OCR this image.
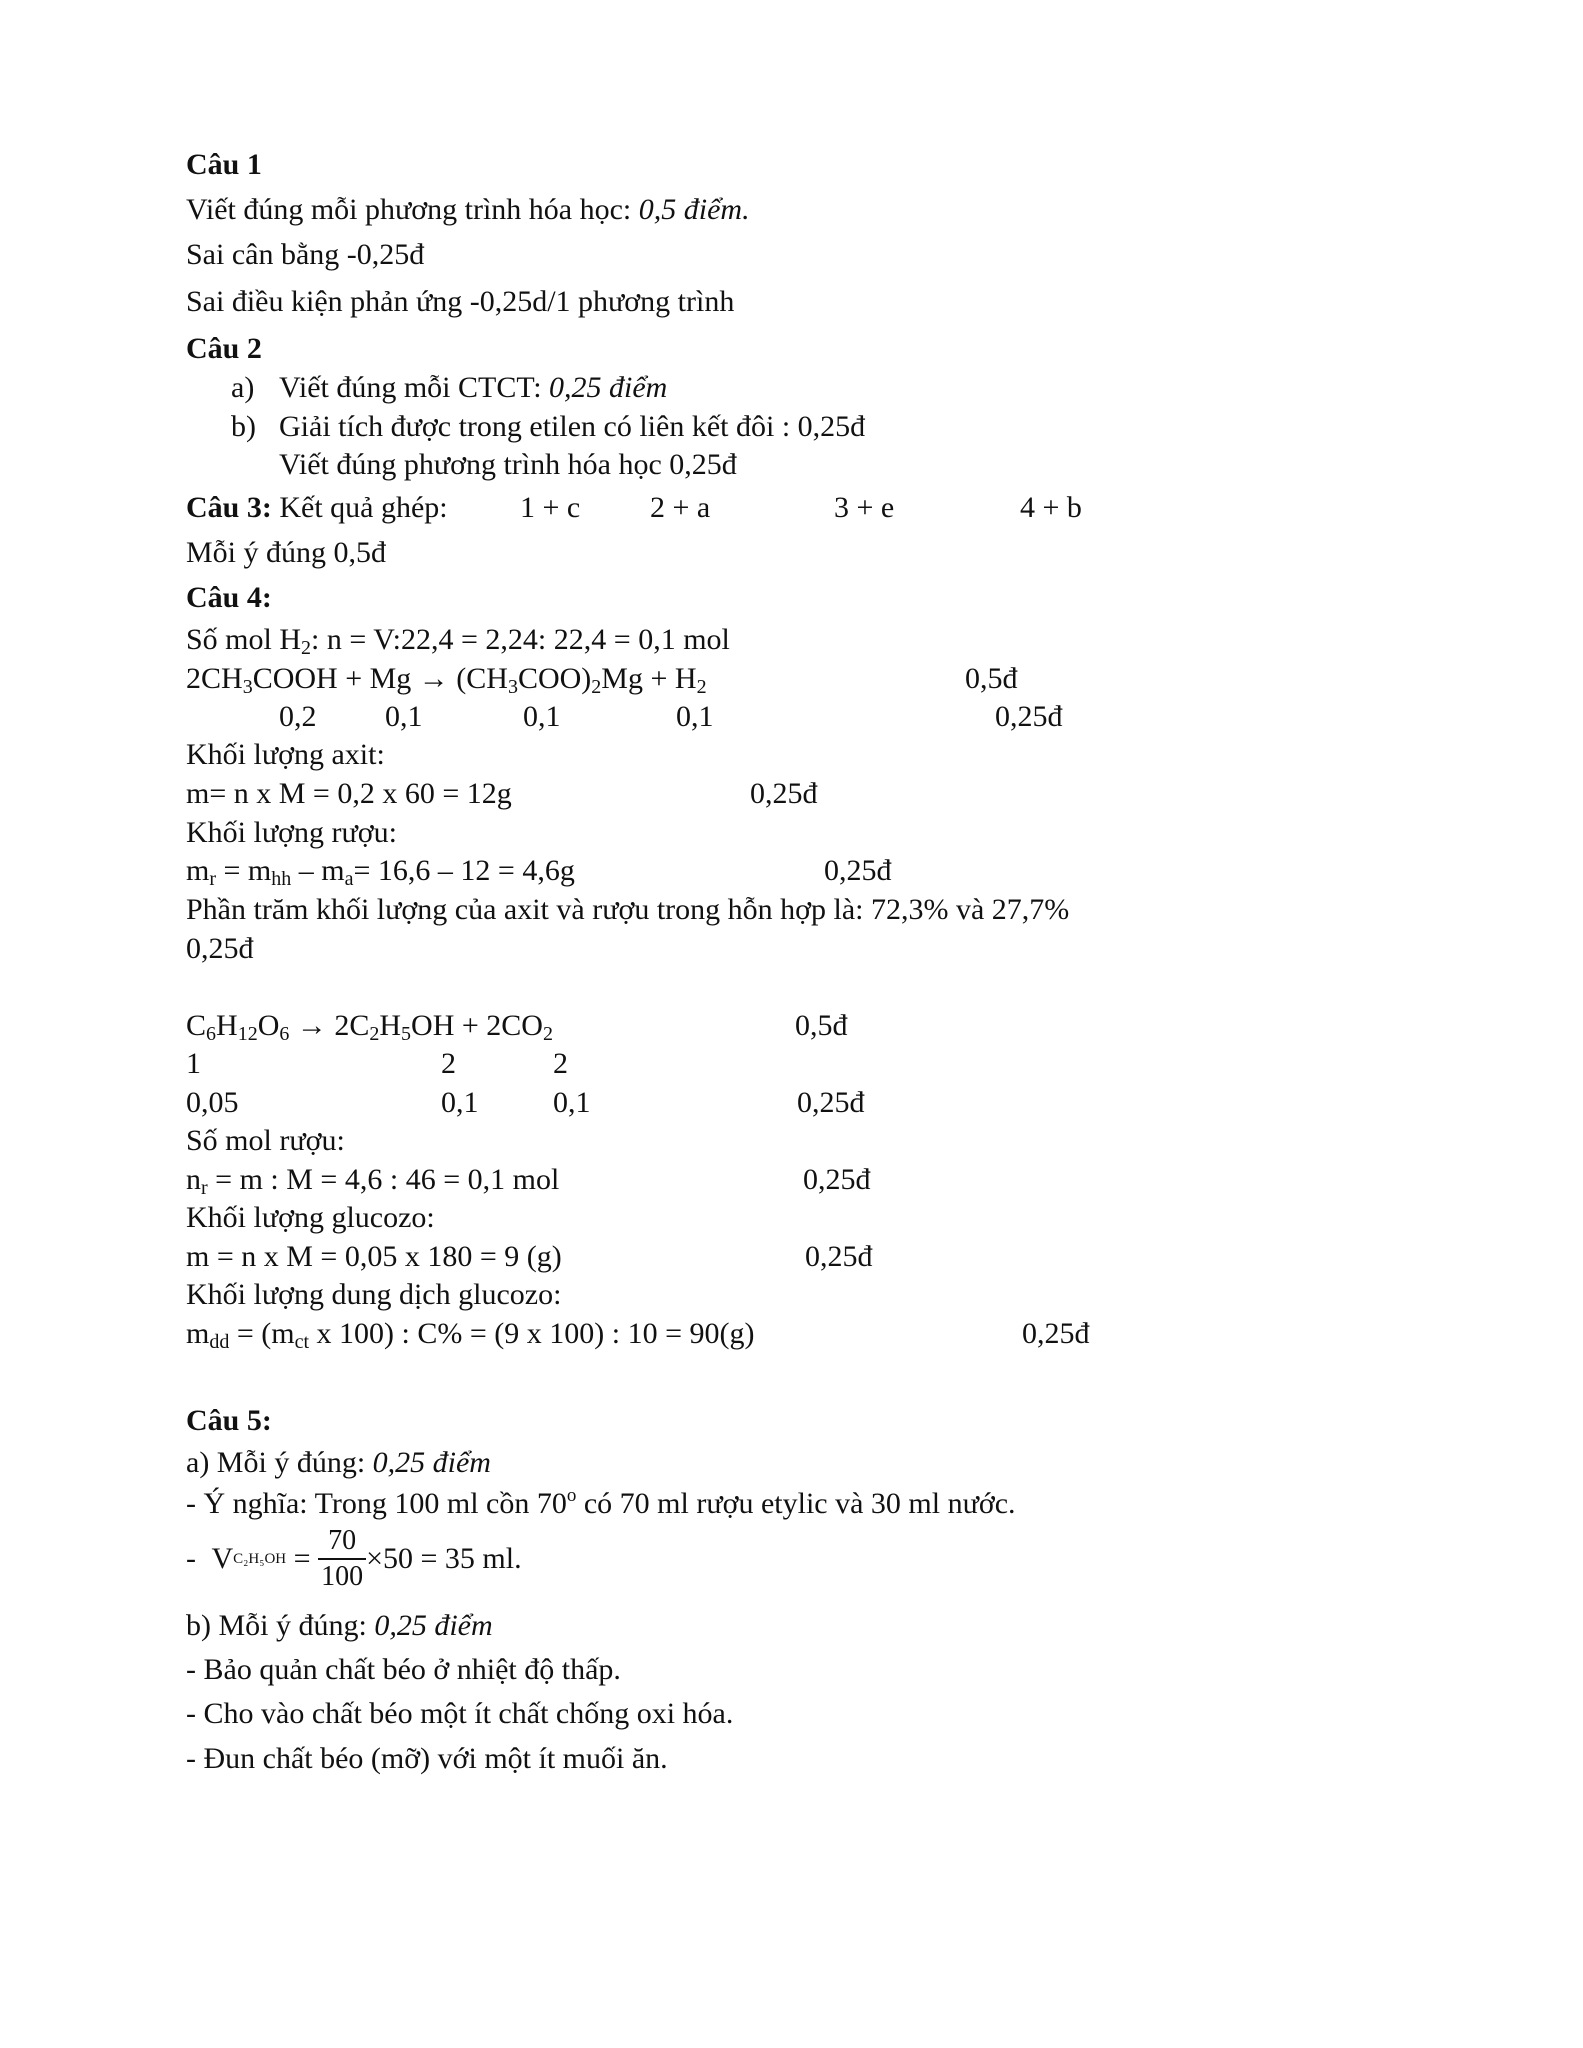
Câu 1
Viết đúng mỗi phương trình hóa học: 0,5 điểm.
Sai cân bằng -0,25đ
Sai điều kiện phản ứng -0,25d/1 phương trình
Câu 2
a) Viết đúng mỗi CTCT: 0,25 điểm
b) Giải tích được trong etilen có liên kết đôi : 0,25đ
Viết đúng phương trình hóa học 0,25đ
Câu 3: Kết quả ghép: 1 + c 2 + a	3 + e	4 + b
Mỗi ý đúng 0,5đ
Câu 4:
Số mol $H_2$: n = V:22,4 = 2,24: 22,4 = 0,1 mol
$2CH_3COOH + Mg \to (CH_3COO)_2Mg + H_2$	0,5đ
0,2 0,1	0,1	0,1	0,25đ
Khối lượng axit:
m= n x M = 0,2 x 60 = 12g	0,25đ
Khối lượng rượu:
$m_r = m_{hh} - m_a= 16,6 - 12 = 4,6g$	0,25đ
Phần trăm khối lượng của axit và rượu trong hỗn hợp là: 72,3% và 27,7%
0,25đ
$C_6H_{12}O_6 \to 2C_2H_5OH + 2CO_2$	0,5đ
1	2	2
0,05	0,1 0,1	0,25đ
Số mol rượu:
$n_r = m$ : M = 4,6 : 46 = 0,1 mol	0,25đ
Khối lượng glucozo:
m = n x M = 0,05 x 180 = 9 (g)	0,25đ
Khối lượng dung dịch glucozo:
$m_{dd} = (m_{ct}$ x 100) : C% = (9 x 100) : 10 = 90(g)	0,25đ
Câu 5:
a) Mỗi ý đúng: 0,25 điểm
- Ý nghĩa: Trong 100 ml cồn 70$^o$ có 70 ml rượu etylic và 30 ml nước.
- V $C_2H_5OH = \frac{70}{100} \times 50 = 35$ ml.
b) Mỗi ý đúng: 0,25 điểm
- Bảo quản chất béo ở nhiệt độ thấp.
- Cho vào chất béo một ít chất chống oxi hóa.
- Đun chất béo (mỡ) với một ít muối ăn.
